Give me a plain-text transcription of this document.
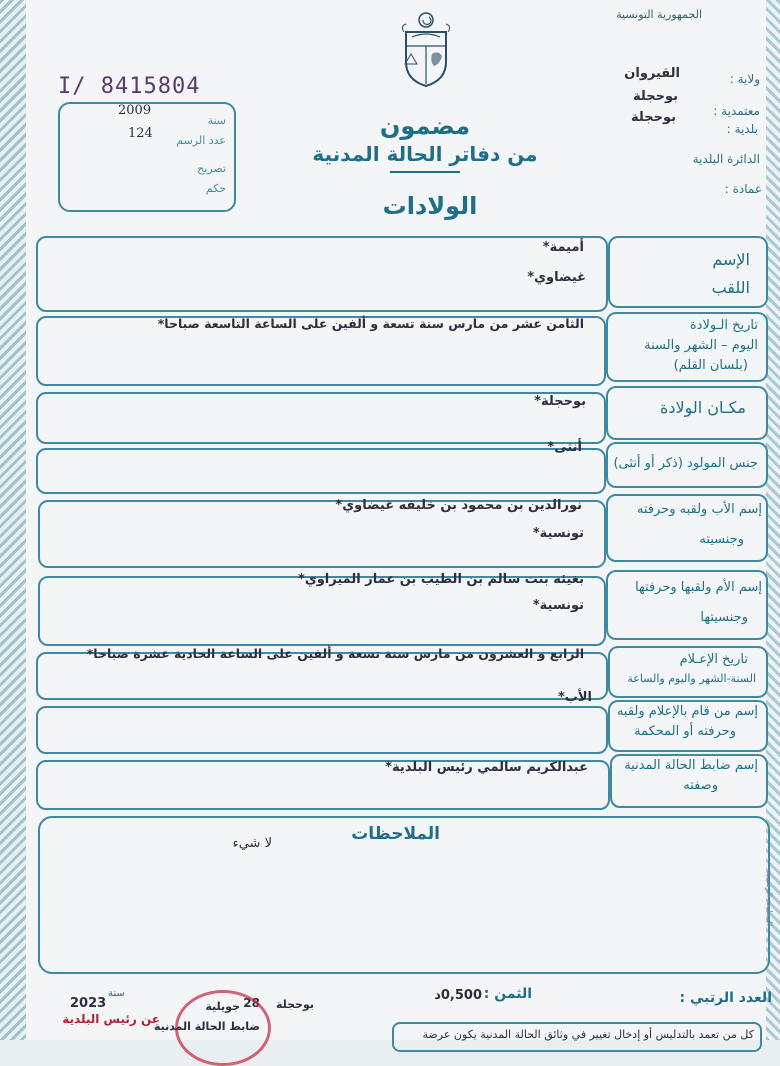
الجمهورية التونسية
ولاية :
القيروان
معتمدية :
بوحجلة
بلدية :
بوحجلة
الدائرة البلدية
عمادة :
I/ 8415804
2009
سنة
124	عدد الرسم
تصريح
حكم
مضمون
من دفاتر الحالة المدنية
الولادات
الإسم
اللقب
أميمة*
غيضاوي*
تاريخ الـولادة
اليوم – الشهر والسنة
(بلسان القلم)
الثامن عشر من مارس سنة تسعة و ألفين على الساعة التاسعة صباحا*
مكـان الولادة
بوحجلة*
جنس المولود (ذكر أو أنثى)
أنثى*
إسم الأب ولقبه وحرفته
وجنسيته
نورالدين بن محمود بن خليفه غيضاوي*
تونسية*
إسم الأم ولقبها وحرفتها
وجنسيتها
بغيئه بنت سالم بن الطيب بن عمار الميراوي*
تونسية*
تاريخ الإعـلام
السنة-الشهر واليوم والساعة
الرابع و العشرون من مارس سنة تسعة و ألفين على الساعة الحادية عشرة صباحا*
إسم من قام بالإعلام ولقبه
وحرفته أو المحكمة
الأب*
إسم ضابط الحالة المدنية
وصفته
عبدالكريم سالمي رئيس البلدية*
الملاحظات
لا شيء
العدد الرتبي :
الثمن :
0,500د
بوحجلة
28
جويلية
سنة
2023
عن رئيس البلدية
ضابط الحالة المدنية
كل من تعمد بالتدليس أو إدخال تغيير في وثائق الحالة المدنية يكون عرضة
المطبعة الرسمية
